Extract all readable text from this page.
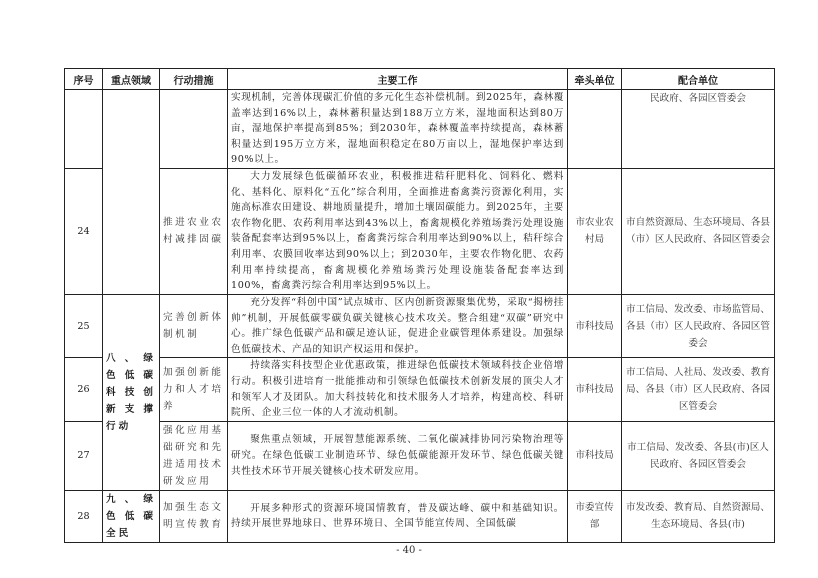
序号	重点领域	行动措施	主要工作	牵头单位	配合单位
			实现机制，完善体现碳汇价值的多元化生态补偿机制。到2025年，森林覆盖率达到16%以上，森林蓄积量达到188万立方米，湿地面积达到80万亩，湿地保护率提高到85%；到2030年，森林覆盖率持续提高，森林蓄积量达到195万立方米，湿地面积稳定在80万亩以上，湿地保护率达到90%以上。		民政府、各园区管委会
24		推进农业农村减排固碳	大力发展绿色低碳循环农业，积极推进秸秆肥料化、饲料化、燃料化、基料化、原料化“五化”综合利用，全面推进畜禽粪污资源化利用，实施高标准农田建设、耕地质量提升，增加土壤固碳能力。到2025年，主要农作物化肥、农药利用率达到43%以上，畜禽规模化养殖场粪污处理设施装备配套率达到95%以上，畜禽粪污综合利用率达到90%以上，秸秆综合利用率、农膜回收率达到90%以上；到2030年，主要农作物化肥、农药利用率持续提高，畜禽规模化养殖场粪污处理设施装备配套率达到100%，畜禽粪污综合利用率达到95%以上。	市农业农村局	市自然资源局、生态环境局、各县（市）区人民政府、各园区管委会
25	八、绿色低碳科技创新支撑行动	完善创新体制机制	充分发挥“科创中国”试点城市、区内创新资源聚集优势，采取“揭榜挂帅”机制，开展低碳零碳负碳关键核心技术攻关。整合组建“双碳”研究中心。推广绿色低碳产品和碳足迹认证，促进企业碳管理体系建设。加强绿色低碳技术、产品的知识产权运用和保护。	市科技局	市工信局、发改委、市场监管局、各县（市）区人民政府、各园区管委会
26		加强创新能力和人才培养	持续落实科技型企业优惠政策，推进绿色低碳技术领域科技企业倍增行动。积极引进培育一批能推动和引领绿色低碳技术创新发展的顶尖人才和领军人才及团队。加大科技转化和技术服务人才培养，构建高校、科研院所、企业三位一体的人才流动机制。	市科技局	市工信局、人社局、发改委、教育局、各县（市）区人民政府、各园区管委会
27		强化应用基础研究和先进适用技术研发应用	聚焦重点领域，开展智慧能源系统、二氧化碳减排协同污染物治理等研究。在绿色低碳工业制造环节、绿色低碳能源开发环节、绿色低碳关键共性技术环节开展关键核心技术研发应用。	市科技局	市工信局、发改委、各县(市)区人民政府、各园区管委会
28	九、绿色低碳全民	加强生态文明宣传教育	开展多种形式的资源环境国情教育，普及碳达峰、碳中和基础知识。持续开展世界地球日、世界环境日、全国节能宣传周、全国低碳	市委宣传部	市发改委、教育局、自然资源局、生态环境局、各县(市)
- 40 -
